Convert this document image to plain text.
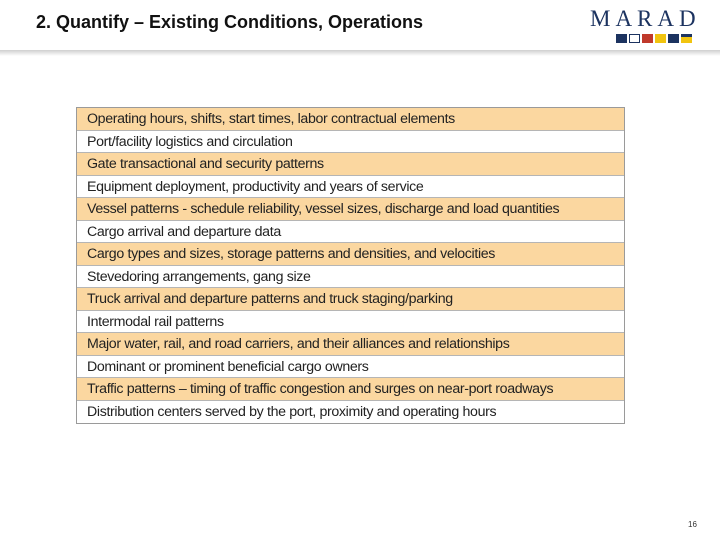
2. Quantify – Existing Conditions, Operations	MARAD
Operating hours, shifts, start times, labor contractual elements
Port/facility logistics and circulation
Gate transactional and security patterns
Equipment deployment, productivity and years of service
Vessel patterns - schedule reliability, vessel sizes, discharge and load quantities
Cargo arrival and departure data
Cargo types and sizes, storage patterns and densities, and velocities
Stevedoring arrangements, gang size
Truck arrival and departure patterns and truck staging/parking
Intermodal rail patterns
Major water, rail, and road carriers, and their alliances and relationships
Dominant or prominent beneficial cargo owners
Traffic patterns – timing of traffic congestion and surges on near-port roadways
Distribution centers served by the port, proximity and operating hours
16
